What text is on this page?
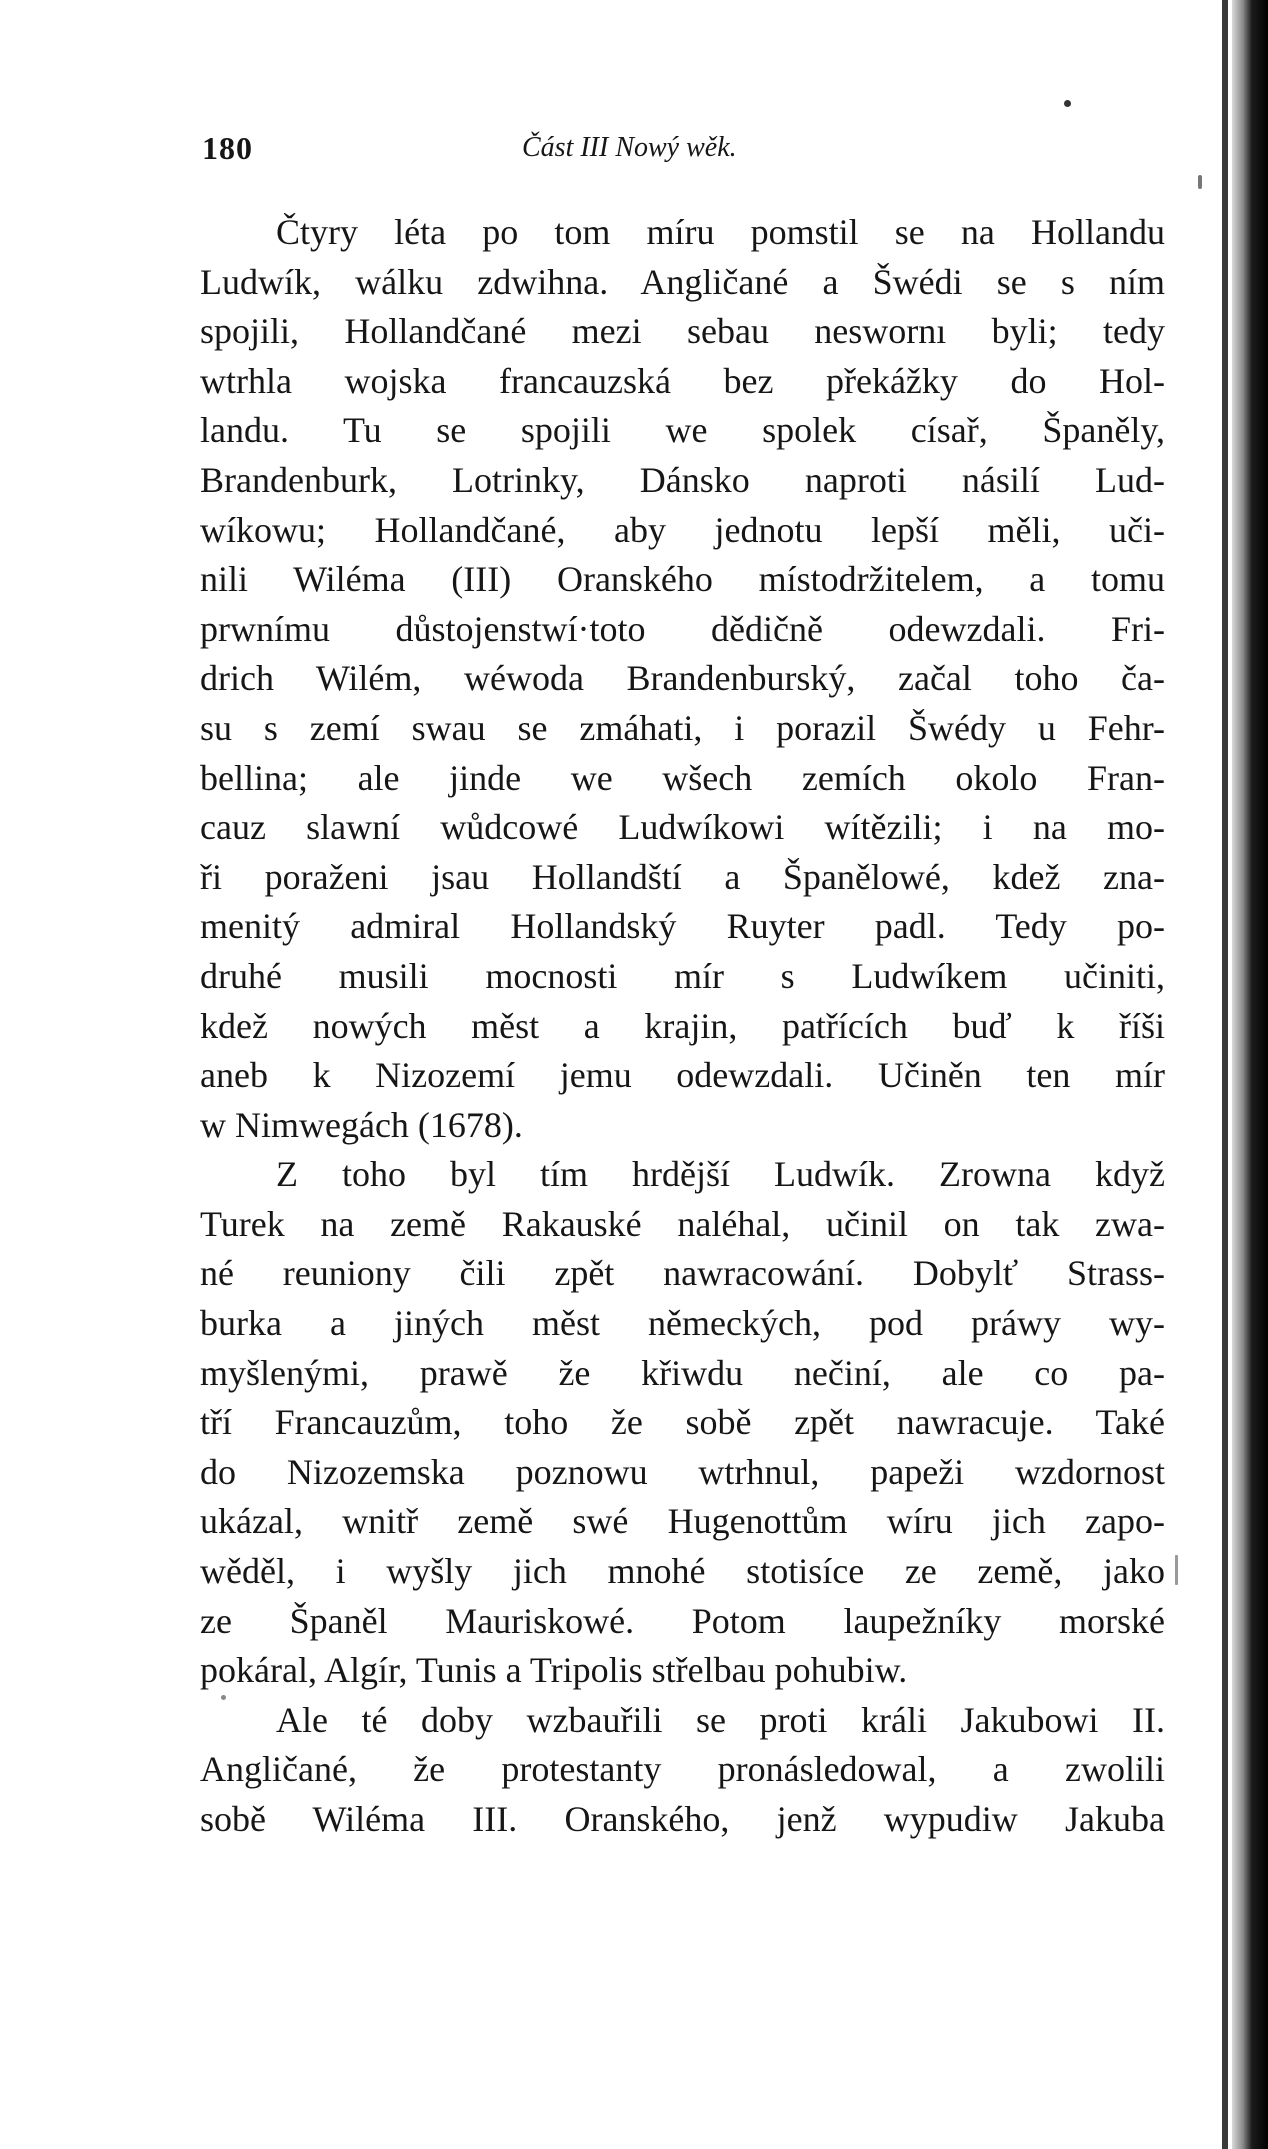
180	Část III Nowý wěk.
Čtyry léta po tom míru pomstil se na Hollandu
Ludwík, wálku zdwihna. Angličané a Šwédi se s ním
spojili, Hollandčané mezi sebau neswornı byli; tedy
wtrhla wojska francauzská bez překážky do Hol-
landu. Tu se spojili we spolek císař, Španěly,
Brandenburk, Lotrinky, Dánsko naproti násilí Lud-
wíkowu; Hollandčané, aby jednotu lepší měli, uči-
nili Wiléma (III) Oranského místodržitelem, a tomu
prwnímu důstojenstwí·toto dědičně odewzdali. Fri-
drich Wilém, wéwoda Brandenburský, začal toho ča-
su s zemí swau se zmáhati, i porazil Šwédy u Fehr-
bellina; ale jinde we wšech zemích okolo Fran-
cauz slawní wůdcowé Ludwíkowi wítězili; i na mo-
ři poraženi jsau Hollandští a Španělowé, kdež zna-
menitý admiral Hollandský Ruyter padl. Tedy po-
druhé musili mocnosti mír s Ludwíkem učiniti,
kdež nowých měst a krajin, patřících buď k říši
aneb k Nizozemí jemu odewzdali. Učiněn ten mír
w Nimwegách (1678).
Z toho byl tím hrdější Ludwík. Zrowna když
Turek na země Rakauské naléhal, učinil on tak zwa-
né reuniony čili zpět nawracowání. Dobylť Strass-
burka a jiných měst německých, pod práwy wy-
myšlenými, prawě že křiwdu nečiní, ale co pa-
tří Francauzům, toho že sobě zpět nawracuje. Také
do Nizozemska poznowu wtrhnul, papeži wzdornost
ukázal, wnitř země swé Hugenottům wíru jich zapo-
wěděl, i wyšly jich mnohé stotisíce ze země, jako
ze Španěl Mauriskowé. Potom laupežníky morské
pokáral, Algír, Tunis a Tripolis střelbau pohubiw.
Ale té doby wzbauřili se proti králi Jakubowi II.
Angličané, že protestanty pronásledowal, a zwolili
sobě Wiléma III. Oranského, jenž wypudiw Jakuba
